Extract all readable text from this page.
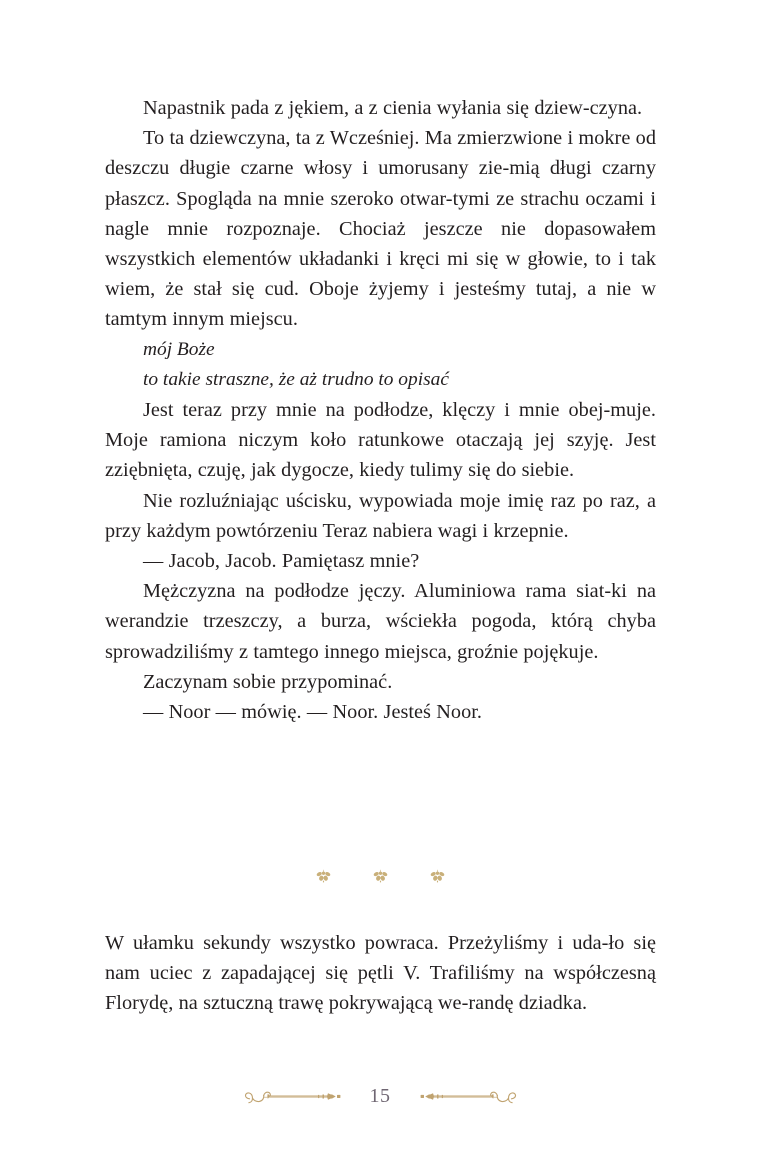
Napastnik pada z jękiem, a z cienia wyłania się dziew-czyna.

To ta dziewczyna, ta z Wcześniej. Ma zmierzwione i mokre od deszczu długie czarne włosy i umorusany zie-mią długi czarny płaszcz. Spogląda na mnie szeroko otwar-tymi ze strachu oczami i nagle mnie rozpoznaje. Chociaż jeszcze nie dopasowałem wszystkich elementów układanki i kręci mi się w głowie, to i tak wiem, że stał się cud. Oboje żyjemy i jesteśmy tutaj, a nie w tamtym innym miejscu.

mój Boże

to takie straszne, że aż trudno to opisać

Jest teraz przy mnie na podłodze, klęczy i mnie obej-muje. Moje ramiona niczym koło ratunkowe otaczają jej szyję. Jest zziębnięta, czuję, jak dygocze, kiedy tulimy się do siebie.

Nie rozluźniając uścisku, wypowiada moje imię raz po raz, a przy każdym powtórzeniu Teraz nabiera wagi i krzepnie.

— Jacob, Jacob. Pamiętasz mnie?

Mężczyzna na podłodze jęczy. Aluminiowa rama siat-ki na werandzie trzeszczy, a burza, wściekła pogoda, którą chyba sprowadziliśmy z tamtego innego miejsca, groźnie pojękuje.

Zaczynam sobie przypominać.

— Noor — mówię. — Noor. Jesteś Noor.

W ułamku sekundy wszystko powraca. Przeżyliśmy i uda-ło się nam uciec z zapadającej się pętli V. Trafiliśmy na współczesną Florydę, na sztuczną trawę pokrywającą we-randę dziadka.

15
